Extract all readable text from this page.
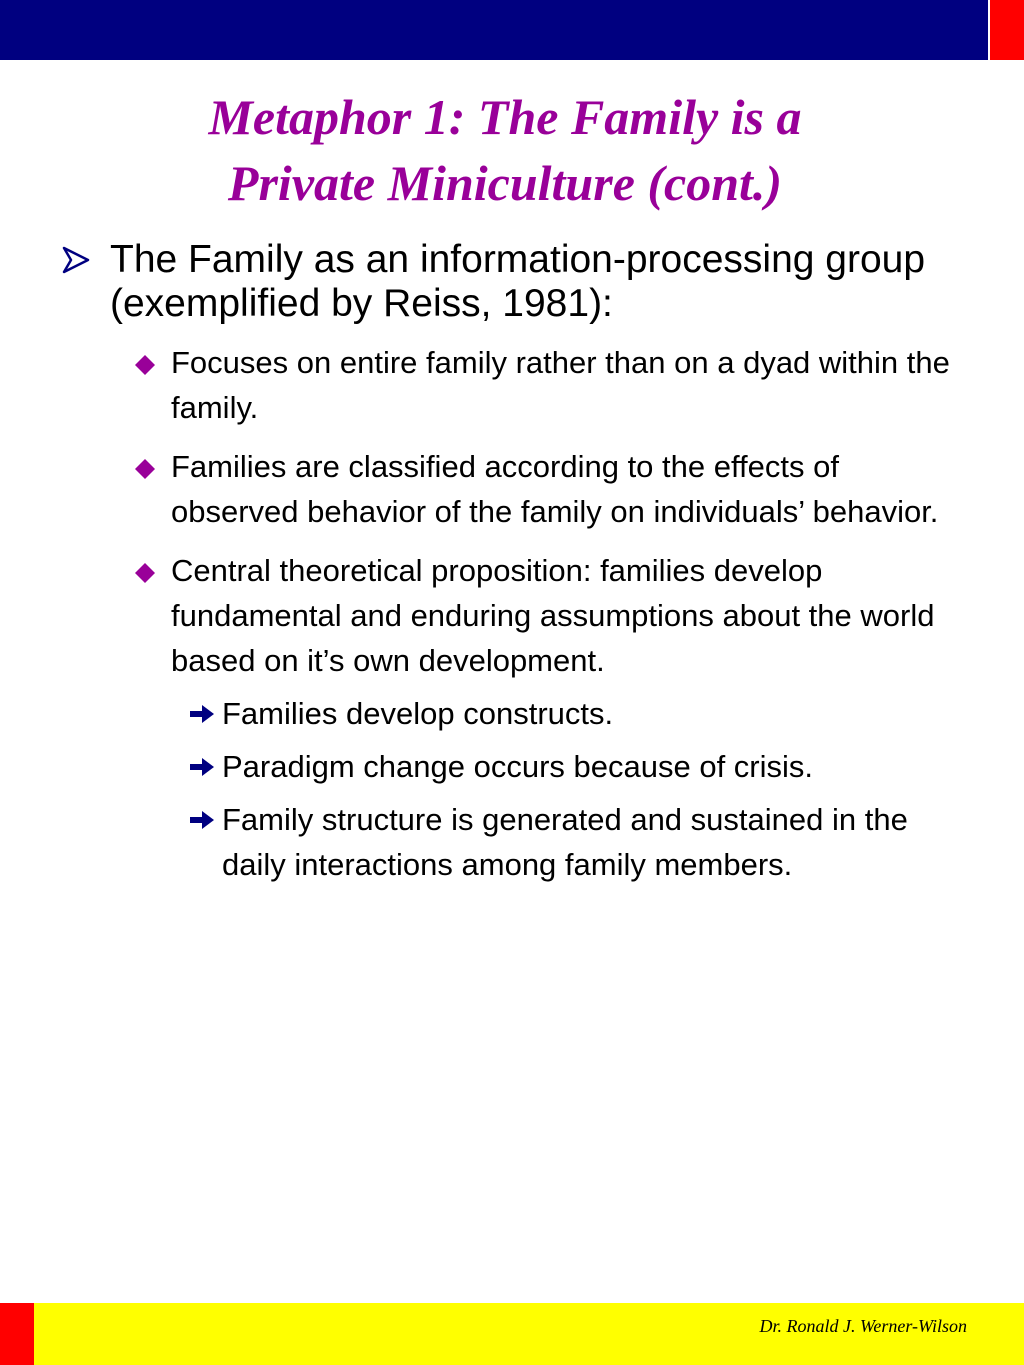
Metaphor 1: The Family is a
Private Miniculture (cont.)
The Family as an information-processing group (exemplified by Reiss, 1981):
Focuses on entire family rather than on a dyad within the family.
Families are classified according to the effects of observed behavior of the family on individuals’ behavior.
Central theoretical proposition: families develop fundamental and enduring assumptions about the world based on it’s own development.
Families develop constructs.
Paradigm change occurs because of crisis.
Family structure is generated and sustained in the daily interactions among family members.
Dr. Ronald J. Werner-Wilson
